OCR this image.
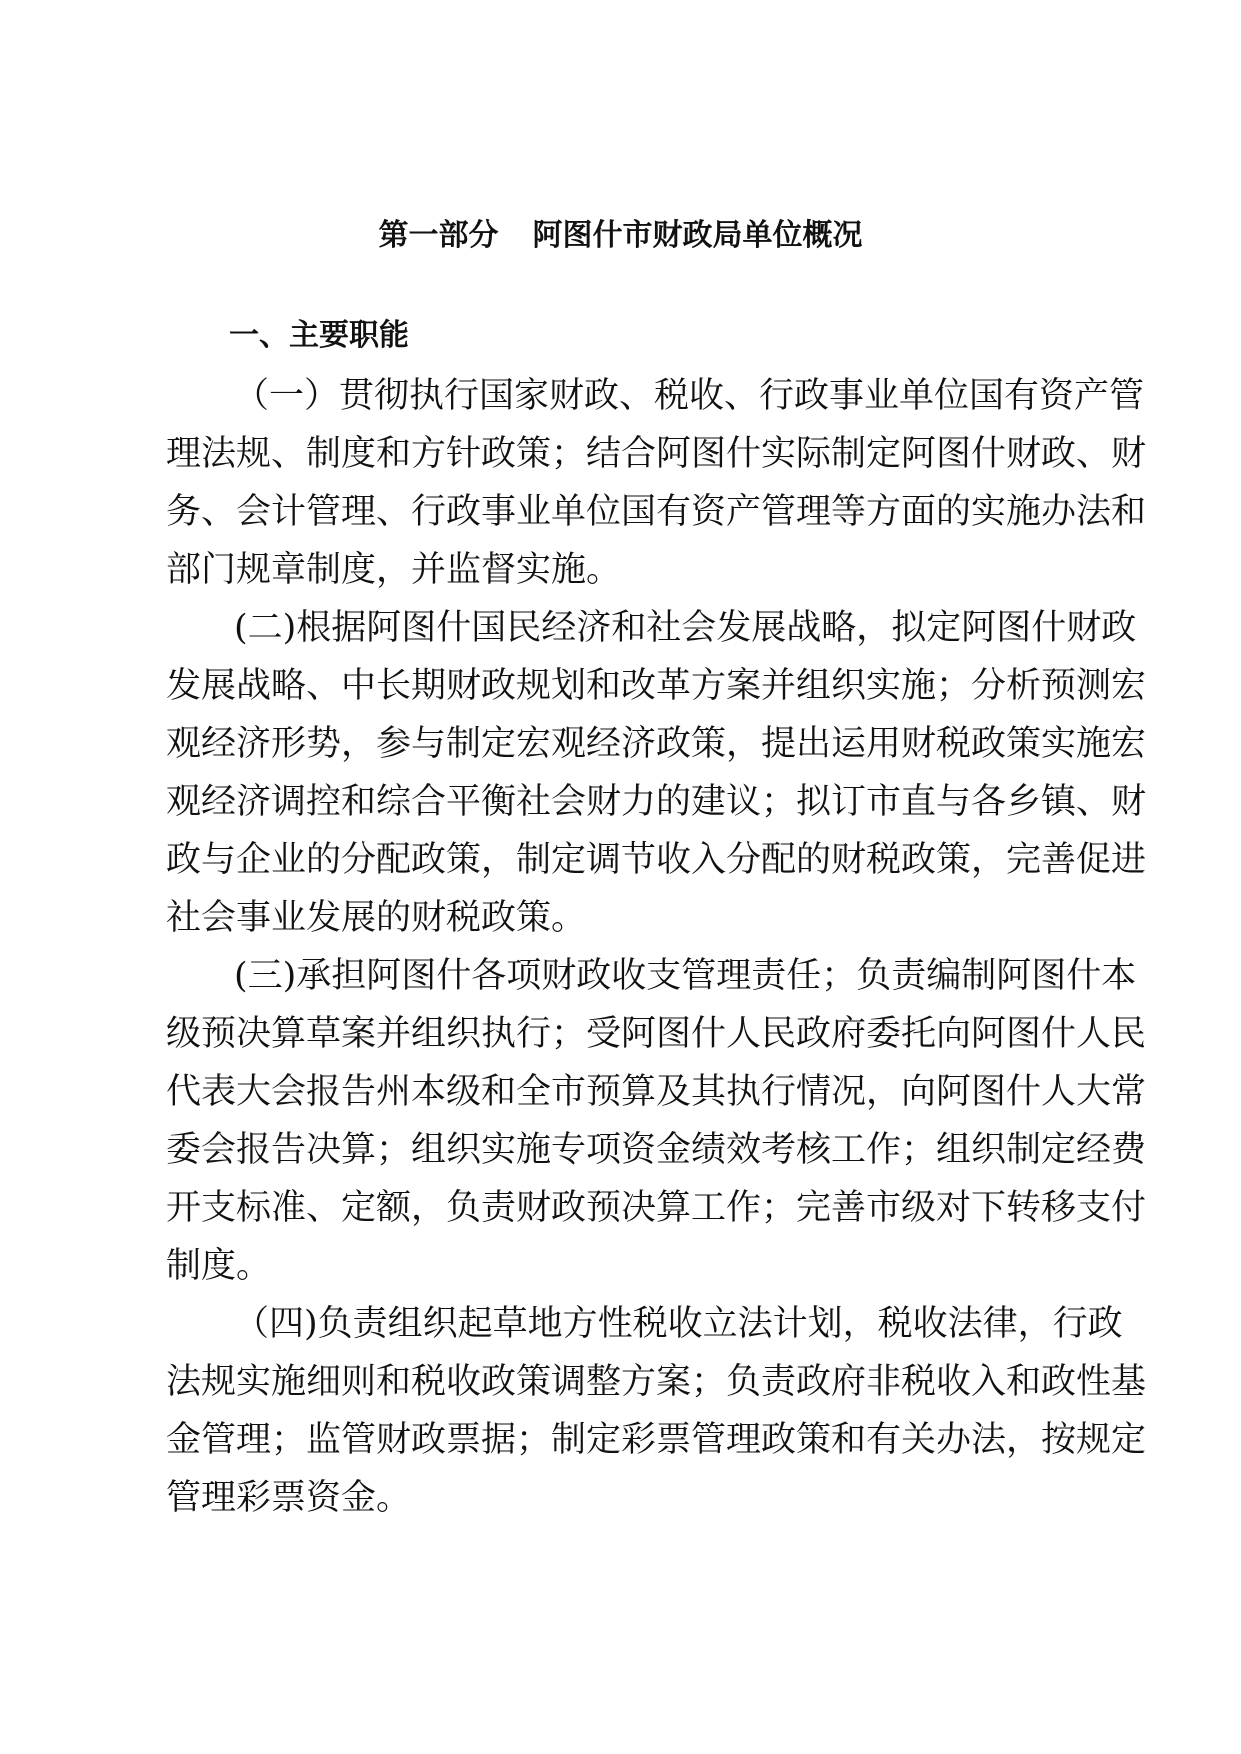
第一部分 阿图什市财政局单位概况
一、主要职能
（一）贯彻执行国家财政、税收、行政事业单位国有资产管
理法规、制度和方针政策；结合阿图什实际制定阿图什财政、财
务、会计管理、行政事业单位国有资产管理等方面的实施办法和
部门规章制度，并监督实施。
(二)根据阿图什国民经济和社会发展战略，拟定阿图什财政
发展战略、中长期财政规划和改革方案并组织实施；分析预测宏
观经济形势，参与制定宏观经济政策，提出运用财税政策实施宏
观经济调控和综合平衡社会财力的建议；拟订市直与各乡镇、财
政与企业的分配政策，制定调节收入分配的财税政策，完善促进
社会事业发展的财税政策。
(三)承担阿图什各项财政收支管理责任；负责编制阿图什本
级预决算草案并组织执行；受阿图什人民政府委托向阿图什人民
代表大会报告州本级和全市预算及其执行情况，向阿图什人大常
委会报告决算；组织实施专项资金绩效考核工作；组织制定经费
开支标准、定额，负责财政预决算工作；完善市级对下转移支付
制度。
（四)负责组织起草地方性税收立法计划，税收法律，行政
法规实施细则和税收政策调整方案；负责政府非税收入和政性基
金管理；监管财政票据；制定彩票管理政策和有关办法，按规定
管理彩票资金。
